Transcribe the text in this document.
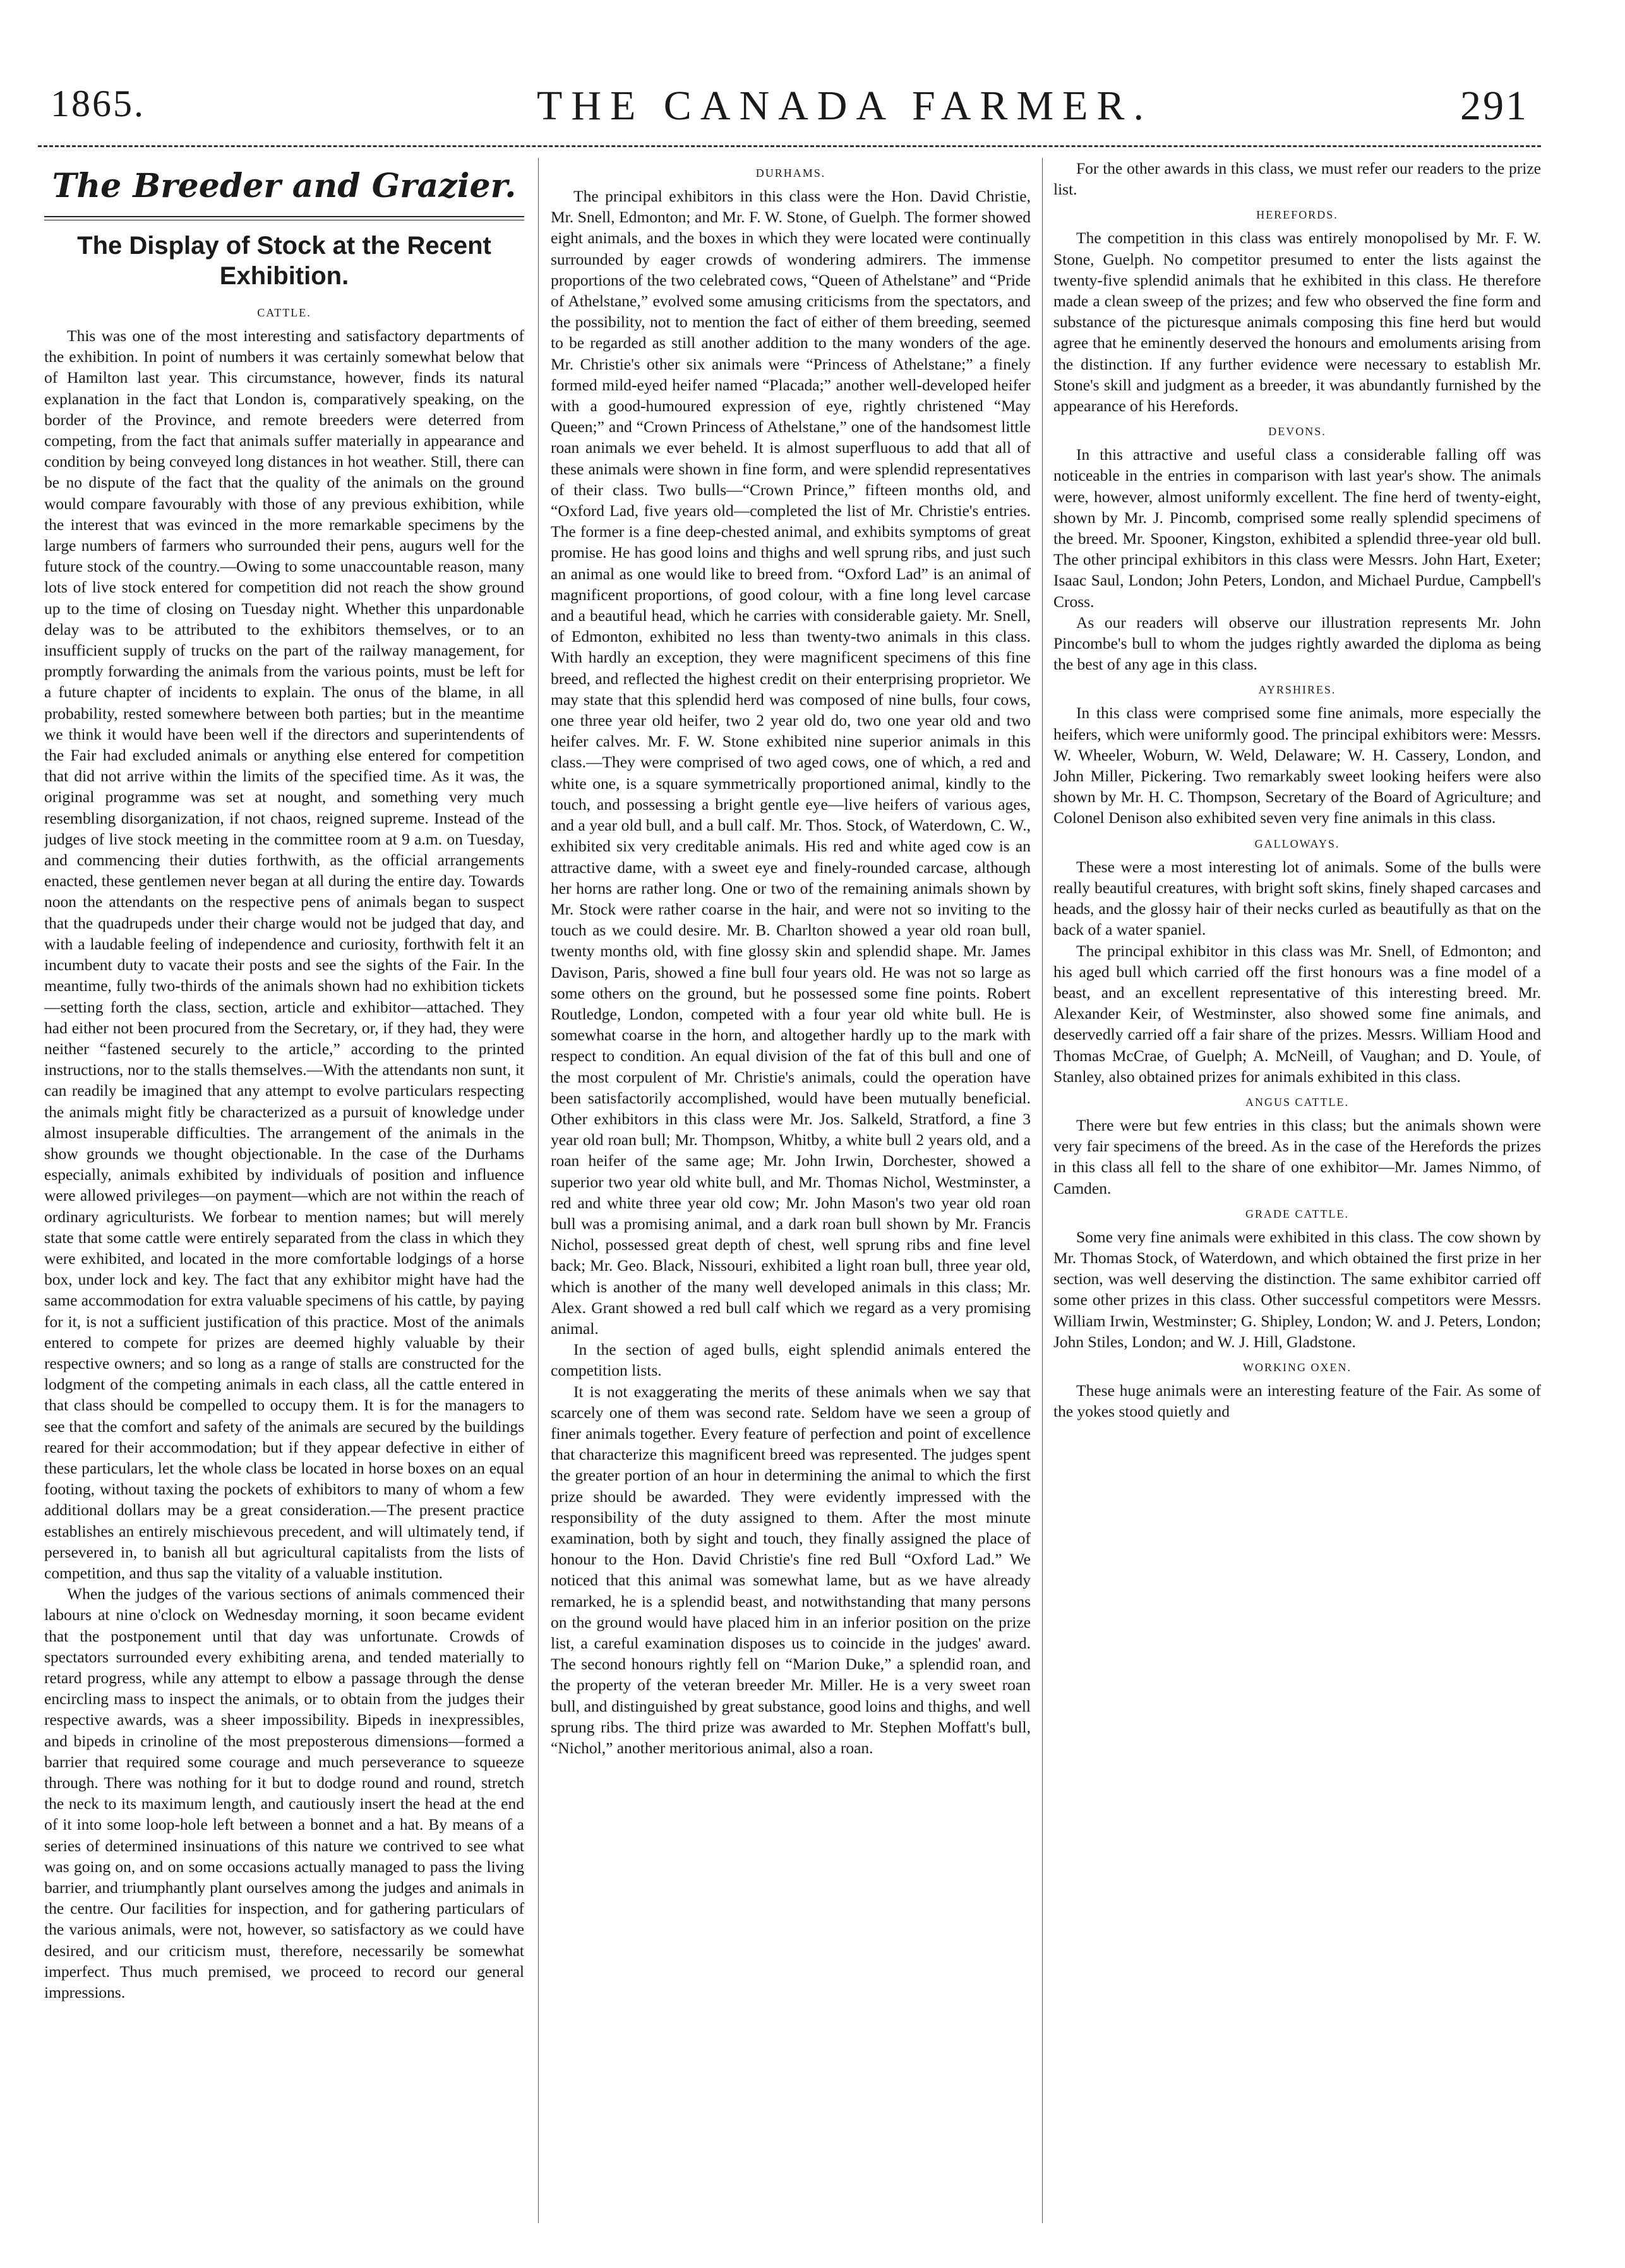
1865.	THE CANADA FARMER.	291
The Breeder and Grazier.
The Display of Stock at the Recent Exhibition.
CATTLE.

This was one of the most interesting and satisfactory departments of the exhibition. In point of numbers it was certainly somewhat below that of Hamilton last year. This circumstance, however, finds its natural explanation in the fact that London is, comparatively speaking, on the border of the Province, and remote breeders were deterred from competing, from the fact that animals suffer materially in appearance and condition by being conveyed long distances in hot weather. Still, there can be no dispute of the fact that the quality of the animals on the ground would compare favourably with those of any previous exhibition, while the interest that was evinced in the more remarkable specimens by the large numbers of farmers who surrounded their pens, augurs well for the future stock of the country.—Owing to some unaccountable reason, many lots of live stock entered for competition did not reach the show ground up to the time of closing on Tuesday night. Whether this unpardonable delay was to be attributed to the exhibitors themselves, or to an insufficient supply of trucks on the part of the railway management, for promptly forwarding the animals from the various points, must be left for a future chapter of incidents to explain. The onus of the blame, in all probability, rested somewhere between both parties; but in the meantime we think it would have been well if the directors and superintendents of the Fair had excluded animals or anything else entered for competition that did not arrive within the limits of the specified time. As it was, the original programme was set at nought, and something very much resembling disorganization, if not chaos, reigned supreme. Instead of the judges of live stock meeting in the committee room at 9 a.m. on Tuesday, and commencing their duties forthwith, as the official arrangements enacted, these gentlemen never began at all during the entire day. Towards noon the attendants on the respective pens of animals began to suspect that the quadrupeds under their charge would not be judged that day, and with a laudable feeling of independence and curiosity, forthwith felt it an incumbent duty to vacate their posts and see the sights of the Fair. In the meantime, fully two-thirds of the animals shown had no exhibition tickets—setting forth the class, section, article and exhibitor—attached. They had either not been procured from the Secretary, or, if they had, they were neither “fastened securely to the article,” according to the printed instructions, nor to the stalls themselves.—With the attendants non sunt, it can readily be imagined that any attempt to evolve particulars respecting the animals might fitly be characterized as a pursuit of knowledge under almost insuperable difficulties. The arrangement of the animals in the show grounds we thought objectionable. In the case of the Durhams especially, animals exhibited by individuals of position and influence were allowed privileges—on payment—which are not within the reach of ordinary agriculturists. We forbear to mention names; but will merely state that some cattle were entirely separated from the class in which they were exhibited, and located in the more comfortable lodgings of a horse box, under lock and key. The fact that any exhibitor might have had the same accommodation for extra valuable specimens of his cattle, by paying for it, is not a sufficient justification of this practice. Most of the animals entered to compete for prizes are deemed highly valuable by their respective owners; and so long as a range of stalls are constructed for the lodgment of the competing animals in each class, all the cattle entered in that class should be compelled to occupy them. It is for the managers to see that the comfort and safety of the animals are secured by the buildings reared for their accommodation; but if they appear defective in either of these particulars, let the whole class be located in horse boxes on an equal footing, without taxing the pockets of exhibitors to many of whom a few additional dollars may be a great consideration.—The present practice establishes an entirely mischievous precedent, and will ultimately tend, if persevered in, to banish all but agricultural capitalists from the lists of competition, and thus sap the vitality of a valuable institution.

When the judges of the various sections of animals commenced their labours at nine o'clock on Wednesday morning, it soon became evident that the postponement until that day was unfortunate. Crowds of spectators surrounded every exhibiting arena, and tended materially to retard progress, while any attempt to elbow a passage through the dense encircling mass to inspect the animals, or to obtain from the judges their respective awards, was a sheer impossibility. Bipeds in inexpressibles, and bipeds in crinoline of the most preposterous dimensions—formed a barrier that required some courage and much perseverance to squeeze through. There was nothing for it but to dodge round and round, stretch the neck to its maximum length, and cautiously insert the head at the end of it into some loop-hole left between a bonnet and a hat. By means of a series of determined insinuations of this nature we contrived to see what was going on, and on some occasions actually managed to pass the living barrier, and triumphantly plant ourselves among the judges and animals in the centre. Our facilities for inspection, and for gathering particulars of the various animals, were not, however, so satisfactory as we could have desired, and our criticism must, therefore, necessarily be somewhat imperfect. Thus much premised, we proceed to record our general impressions.

DURHAMS.

The principal exhibitors in this class were the Hon. David Christie, Mr. Snell, Edmonton; and Mr. F. W. Stone, of Guelph. The former showed eight animals, and the boxes in which they were located were continually surrounded by eager crowds of wondering admirers. The immense proportions of the two celebrated cows, “Queen of Athelstane” and “Pride of Athelstane,” evolved some amusing criticisms from the spectators, and the possibility, not to mention the fact of either of them breeding, seemed to be regarded as still another addition to the many wonders of the age. Mr. Christie's other six animals were “Princess of Athelstane;” a finely formed mild-eyed heifer named “Placada;” another well-developed heifer with a good-humoured expression of eye, rightly christened “May Queen;” and “Crown Princess of Athelstane,” one of the handsomest little roan animals we ever beheld. It is almost superfluous to add that all of these animals were shown in fine form, and were splendid representatives of their class. Two bulls—“Crown Prince,” fifteen months old, and “Oxford Lad, five years old—completed the list of Mr. Christie's entries. The former is a fine deep-chested animal, and exhibits symptoms of great promise. He has good loins and thighs and well sprung ribs, and just such an animal as one would like to breed from. “Oxford Lad” is an animal of magnificent proportions, of good colour, with a fine long level carcase and a beautiful head, which he carries with considerable gaiety. Mr. Snell, of Edmonton, exhibited no less than twenty-two animals in this class. With hardly an exception, they were magnificent specimens of this fine breed, and reflected the highest credit on their enterprising proprietor. We may state that this splendid herd was composed of nine bulls, four cows, one three year old heifer, two 2 year old do, two one year old and two heifer calves. Mr. F. W. Stone exhibited nine superior animals in this class.—They were comprised of two aged cows, one of which, a red and white one, is a square symmetrically proportioned animal, kindly to the touch, and possessing a bright gentle eye—live heifers of various ages, and a year old bull, and a bull calf. Mr. Thos. Stock, of Waterdown, C. W., exhibited six very creditable animals. His red and white aged cow is an attractive dame, with a sweet eye and finely-rounded carcase, although her horns are rather long. One or two of the remaining animals shown by Mr. Stock were rather coarse in the hair, and were not so inviting to the touch as we could desire. Mr. B. Charlton showed a year old roan bull, twenty months old, with fine glossy skin and splendid shape. Mr. James Davison, Paris, showed a fine bull four years old. He was not so large as some others on the ground, but he possessed some fine points. Robert Routledge, London, competed with a four year old white bull. He is somewhat coarse in the horn, and altogether hardly up to the mark with respect to condition. An equal division of the fat of this bull and one of the most corpulent of Mr. Christie's animals, could the operation have been satisfactorily accomplished, would have been mutually beneficial. Other exhibitors in this class were Mr. Jos. Salkeld, Stratford, a fine 3 year old roan bull; Mr. Thompson, Whitby, a white bull 2 years old, and a roan heifer of the same age; Mr. John Irwin, Dorchester, showed a superior two year old white bull, and Mr. Thomas Nichol, Westminster, a red and white three year old cow; Mr. John Mason's two year old roan bull was a promising animal, and a dark roan bull shown by Mr. Francis Nichol, possessed great depth of chest, well sprung ribs and fine level back; Mr. Geo. Black, Nissouri, exhibited a light roan bull, three year old, which is another of the many well developed animals in this class; Mr. Alex. Grant showed a red bull calf which we regard as a very promising animal.

In the section of aged bulls, eight splendid animals entered the competition lists.

It is not exaggerating the merits of these animals when we say that scarcely one of them was second rate. Seldom have we seen a group of finer animals together. Every feature of perfection and point of excellence that characterize this magnificent breed was represented. The judges spent the greater portion of an hour in determining the animal to which the first prize should be awarded. They were evidently impressed with the responsibility of the duty assigned to them. After the most minute examination, both by sight and touch, they finally assigned the place of honour to the Hon. David Christie's fine red Bull “Oxford Lad.” We noticed that this animal was somewhat lame, but as we have already remarked, he is a splendid beast, and notwithstanding that many persons on the ground would have placed him in an inferior position on the prize list, a careful examination disposes us to coincide in the judges' award. The second honours rightly fell on “Marion Duke,” a splendid roan, and the property of the veteran breeder Mr. Miller. He is a very sweet roan bull, and distinguished by great substance, good loins and thighs, and well sprung ribs. The third prize was awarded to Mr. Stephen Moffatt's bull, “Nichol,” another meritorious animal, also a roan.

For the other awards in this class, we must refer our readers to the prize list.

HEREFORDS.

The competition in this class was entirely monopolised by Mr. F. W. Stone, Guelph. No competitor presumed to enter the lists against the twenty-five splendid animals that he exhibited in this class. He therefore made a clean sweep of the prizes; and few who observed the fine form and substance of the picturesque animals composing this fine herd but would agree that he eminently deserved the honours and emoluments arising from the distinction. If any further evidence were necessary to establish Mr. Stone's skill and judgment as a breeder, it was abundantly furnished by the appearance of his Herefords.

DEVONS.

In this attractive and useful class a considerable falling off was noticeable in the entries in comparison with last year's show. The animals were, however, almost uniformly excellent. The fine herd of twenty-eight, shown by Mr. J. Pincomb, comprised some really splendid specimens of the breed. Mr. Spooner, Kingston, exhibited a splendid three-year old bull. The other principal exhibitors in this class were Messrs. John Hart, Exeter; Isaac Saul, London; John Peters, London, and Michael Purdue, Campbell's Cross.

As our readers will observe our illustration represents Mr. John Pincombe's bull to whom the judges rightly awarded the diploma as being the best of any age in this class.

AYRSHIRES.

In this class were comprised some fine animals, more especially the heifers, which were uniformly good. The principal exhibitors were: Messrs. W. Wheeler, Woburn, W. Weld, Delaware; W. H. Cassery, London, and John Miller, Pickering. Two remarkably sweet looking heifers were also shown by Mr. H. C. Thompson, Secretary of the Board of Agriculture; and Colonel Denison also exhibited seven very fine animals in this class.

GALLOWAYS.

These were a most interesting lot of animals. Some of the bulls were really beautiful creatures, with bright soft skins, finely shaped carcases and heads, and the glossy hair of their necks curled as beautifully as that on the back of a water spaniel.

The principal exhibitor in this class was Mr. Snell, of Edmonton; and his aged bull which carried off the first honours was a fine model of a beast, and an excellent representative of this interesting breed. Mr. Alexander Keir, of Westminster, also showed some fine animals, and deservedly carried off a fair share of the prizes. Messrs. William Hood and Thomas McCrae, of Guelph; A. McNeill, of Vaughan; and D. Youle, of Stanley, also obtained prizes for animals exhibited in this class.

ANGUS CATTLE.

There were but few entries in this class; but the animals shown were very fair specimens of the breed. As in the case of the Herefords the prizes in this class all fell to the share of one exhibitor—Mr. James Nimmo, of Camden.

GRADE CATTLE.

Some very fine animals were exhibited in this class. The cow shown by Mr. Thomas Stock, of Waterdown, and which obtained the first prize in her section, was well deserving the distinction. The same exhibitor carried off some other prizes in this class. Other successful competitors were Messrs. William Irwin, Westminster; G. Shipley, London; W. and J. Peters, London; John Stiles, London; and W. J. Hill, Gladstone.

WORKING OXEN.

These huge animals were an interesting feature of the Fair. As some of the yokes stood quietly and
